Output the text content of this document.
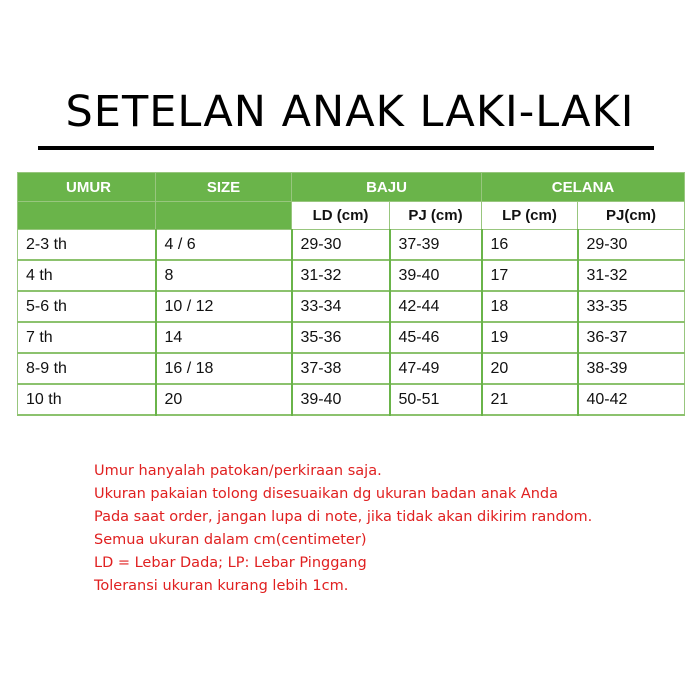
SETELAN ANAK LAKI-LAKI
UMUR	SIZE	BAJU		CELANA	
		LD (cm)	PJ (cm)	LP (cm)	PJ(cm)
2-3 th	4 / 6	29-30	37-39	16	29-30
4 th	8	31-32	39-40	17	31-32
5-6 th	10 / 12	33-34	42-44	18	33-35
7 th	14	35-36	45-46	19	36-37
8-9 th	16 / 18	37-38	47-49	20	38-39
10 th	20	39-40	50-51	21	40-42
Umur hanyalah patokan/perkiraan saja.
Ukuran pakaian tolong disesuaikan dg ukuran badan anak Anda
Pada saat order, jangan lupa di note, jika tidak akan dikirim random.
Semua ukuran dalam cm(centimeter)
LD = Lebar Dada; LP: Lebar Pinggang
Toleransi ukuran kurang lebih 1cm.
